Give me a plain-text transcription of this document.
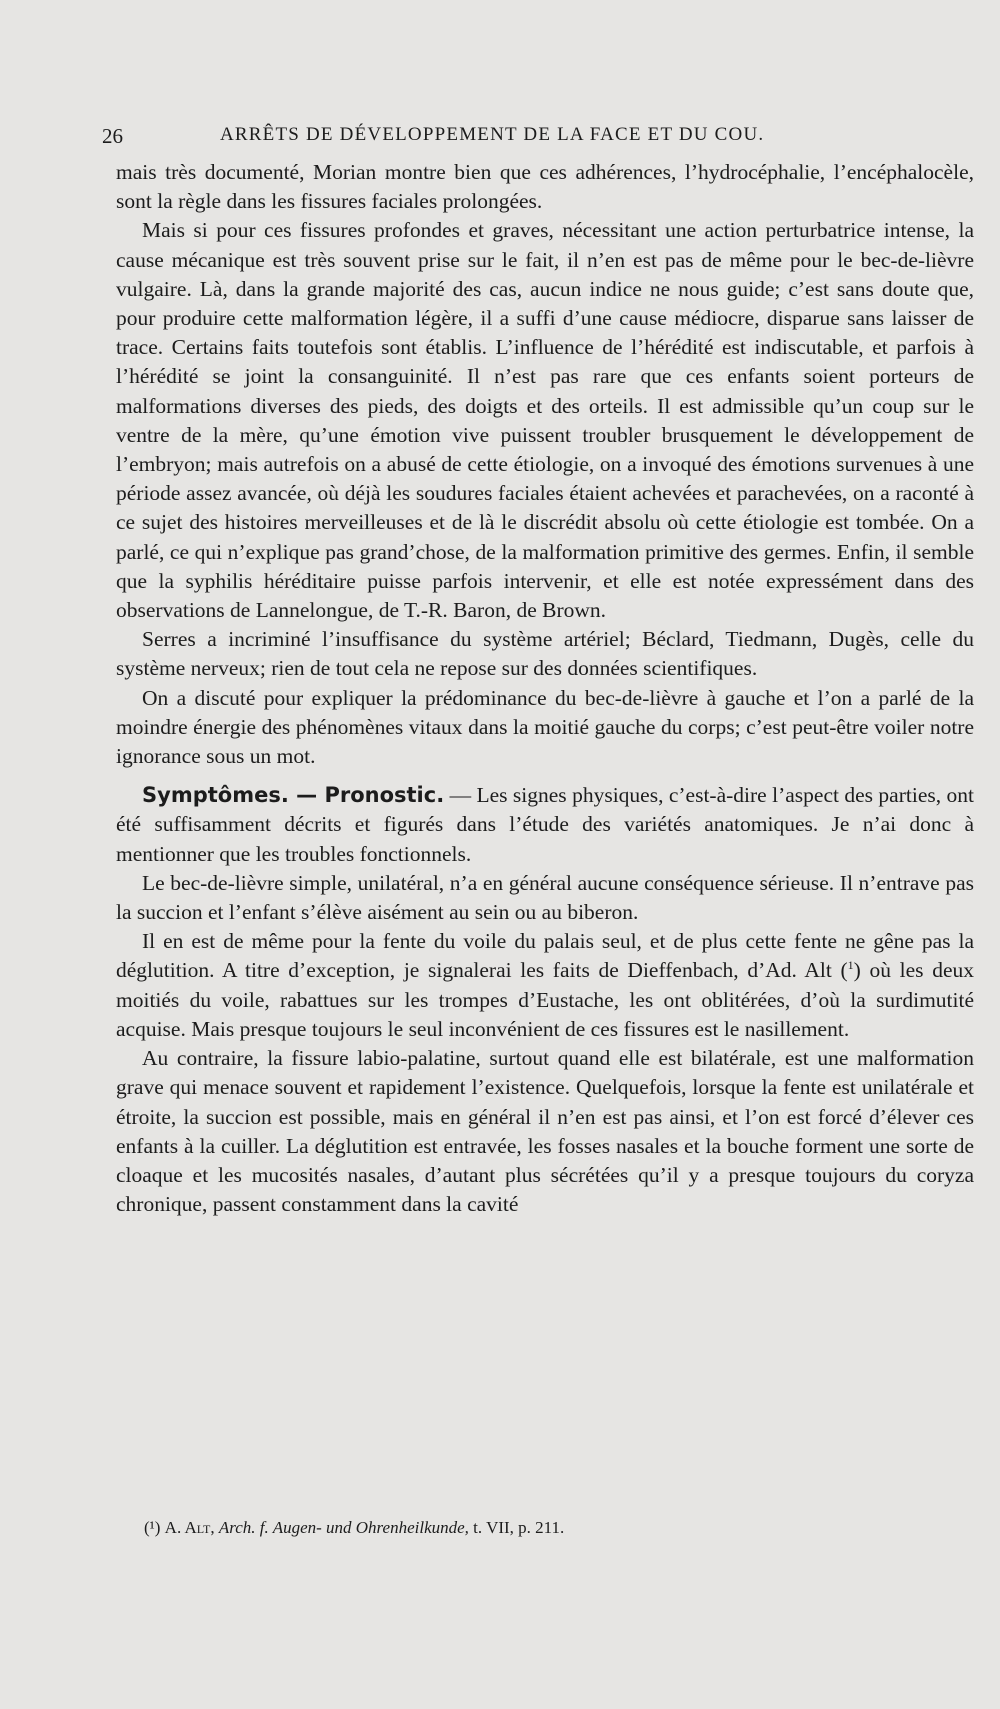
26	ARRÊTS DE DÉVELOPPEMENT DE LA FACE ET DU COU.

mais très documenté, Morian montre bien que ces adhérences, l’hydrocéphalie, l’encéphalocèle, sont la règle dans les fissures faciales prolongées.

Mais si pour ces fissures profondes et graves, nécessitant une action perturbatrice intense, la cause mécanique est très souvent prise sur le fait, il n’en est pas de même pour le bec-de-lièvre vulgaire. Là, dans la grande majorité des cas, aucun indice ne nous guide; c’est sans doute que, pour produire cette malformation légère, il a suffi d’une cause médiocre, disparue sans laisser de trace. Certains faits toutefois sont établis. L’influence de l’hérédité est indiscutable, et parfois à l’hérédité se joint la consanguinité. Il n’est pas rare que ces enfants soient porteurs de malformations diverses des pieds, des doigts et des orteils. Il est admissible qu’un coup sur le ventre de la mère, qu’une émotion vive puissent troubler brusquement le développement de l’embryon; mais autrefois on a abusé de cette étiologie, on a invoqué des émotions survenues à une période assez avancée, où déjà les soudures faciales étaient achevées et parachevées, on a raconté à ce sujet des histoires merveilleuses et de là le discrédit absolu où cette étiologie est tombée. On a parlé, ce qui n’explique pas grand’chose, de la malformation primitive des germes. Enfin, il semble que la syphilis héréditaire puisse parfois intervenir, et elle est notée expressément dans des observations de Lannelongue, de T.-R. Baron, de Brown.

Serres a incriminé l’insuffisance du système artériel; Béclard, Tiedmann, Dugès, celle du système nerveux; rien de tout cela ne repose sur des données scientifiques.

On a discuté pour expliquer la prédominance du bec-de-lièvre à gauche et l’on a parlé de la moindre énergie des phénomènes vitaux dans la moitié gauche du corps; c’est peut-être voiler notre ignorance sous un mot.

Symptômes. — Pronostic. — Les signes physiques, c’est-à-dire l’aspect des parties, ont été suffisamment décrits et figurés dans l’étude des variétés anatomiques. Je n’ai donc à mentionner que les troubles fonctionnels.

Le bec-de-lièvre simple, unilatéral, n’a en général aucune conséquence sérieuse. Il n’entrave pas la succion et l’enfant s’élève aisément au sein ou au biberon.

Il en est de même pour la fente du voile du palais seul, et de plus cette fente ne gêne pas la déglutition. A titre d’exception, je signalerai les faits de Dieffenbach, d’Ad. Alt ($^1$) où les deux moitiés du voile, rabattues sur les trompes d’Eustache, les ont oblitérées, d’où la surdimutité acquise. Mais presque toujours le seul inconvénient de ces fissures est le nasillement.

Au contraire, la fissure labio-palatine, surtout quand elle est bilatérale, est une malformation grave qui menace souvent et rapidement l’existence. Quelquefois, lorsque la fente est unilatérale et étroite, la succion est possible, mais en général il n’en est pas ainsi, et l’on est forcé d’élever ces enfants à la cuiller. La déglutition est entravée, les fosses nasales et la bouche forment une sorte de cloaque et les mucosités nasales, d’autant plus sécrétées qu’il y a presque toujours du coryza chronique, passent constamment dans la cavité

(¹) A. Alt, Arch. f. Augen- und Ohrenheilkunde, t. VII, p. 211.
